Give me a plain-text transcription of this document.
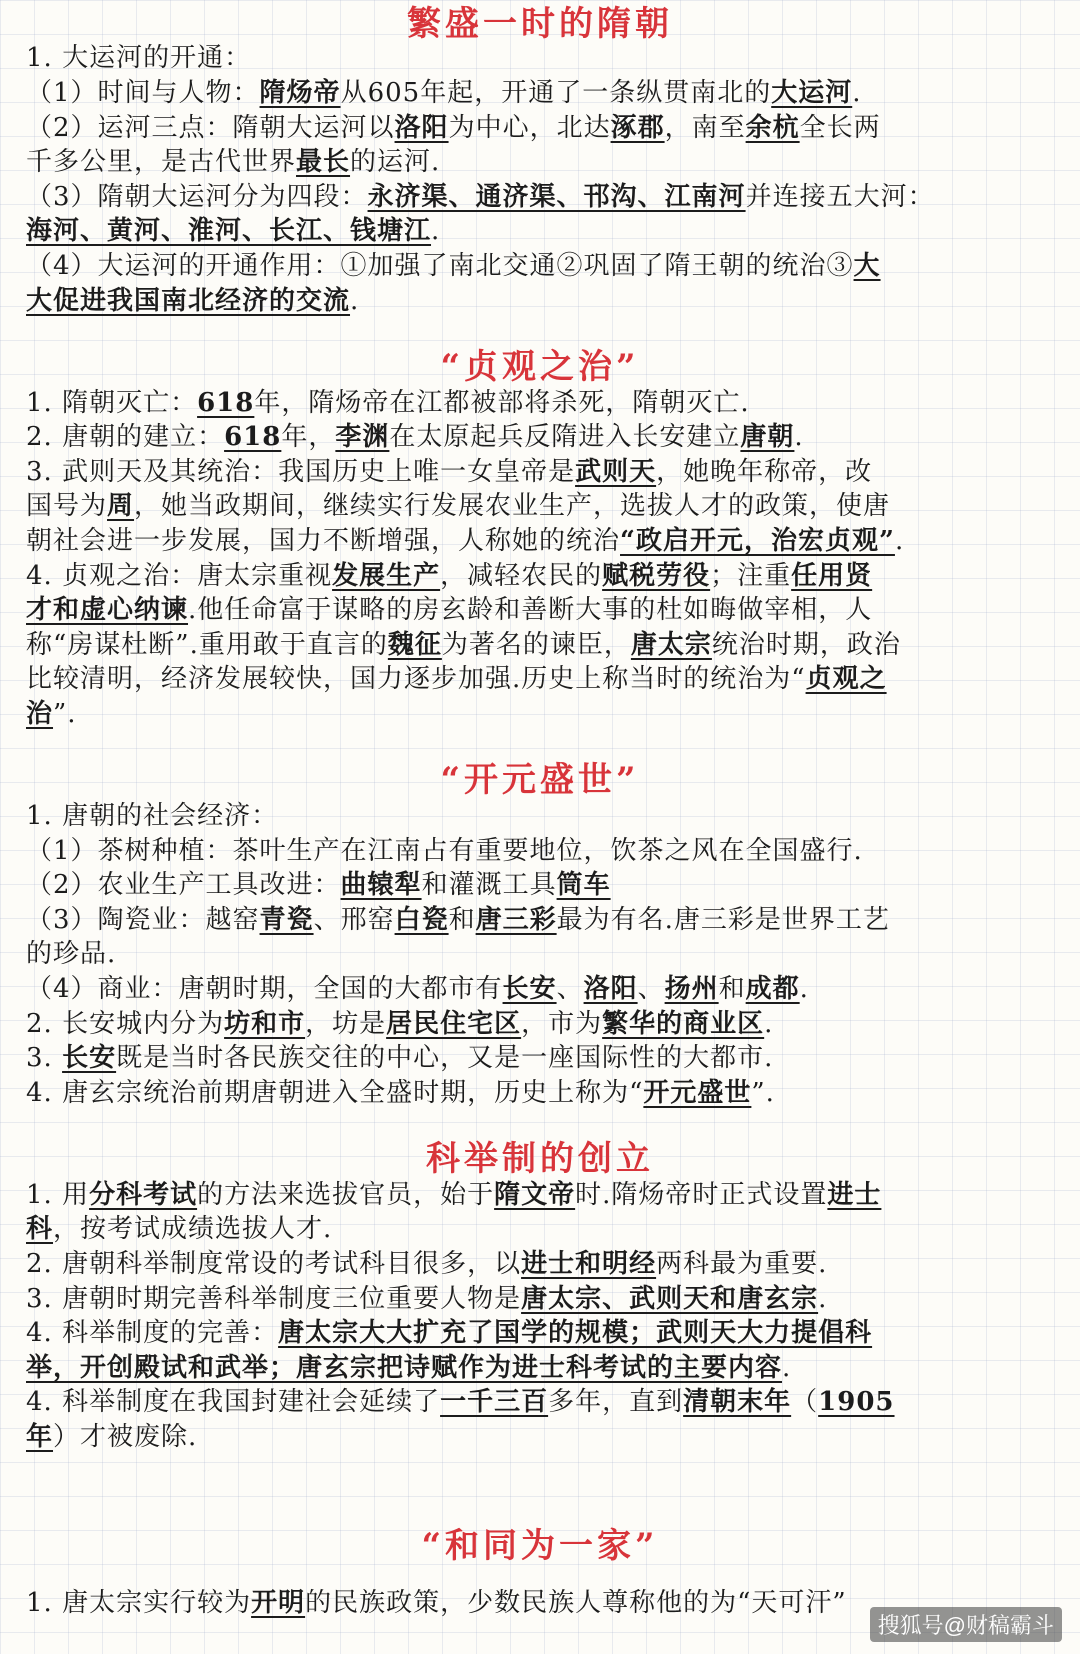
繁盛一时的隋朝
1. 大运河的开通：
（1）时间与人物：隋炀帝从605年起，开通了一条纵贯南北的大运河.
（2）运河三点：隋朝大运河以洛阳为中心，北达涿郡，南至余杭全长两
千多公里，是古代世界最长的运河.
（3）隋朝大运河分为四段：永济渠、通济渠、邗沟、江南河并连接五大河：
海河、黄河、淮河、长江、钱塘江.
（4）大运河的开通作用：①加强了南北交通②巩固了隋王朝的统治③大
大促进我国南北经济的交流.
“贞观之治”
1. 隋朝灭亡：618年，隋炀帝在江都被部将杀死，隋朝灭亡.
2. 唐朝的建立：618年，李渊在太原起兵反隋进入长安建立唐朝.
3. 武则天及其统治：我国历史上唯一女皇帝是武则天，她晚年称帝，改
国号为周，她当政期间，继续实行发展农业生产，选拔人才的政策，使唐
朝社会进一步发展，国力不断增强，人称她的统治“政启开元，治宏贞观”.
4. 贞观之治：唐太宗重视发展生产，减轻农民的赋税劳役；注重任用贤
才和虚心纳谏.他任命富于谋略的房玄龄和善断大事的杜如晦做宰相，人
称“房谋杜断”.重用敢于直言的魏征为著名的谏臣，唐太宗统治时期，政治
比较清明，经济发展较快，国力逐步加强.历史上称当时的统治为“贞观之
治”.
“开元盛世”
1. 唐朝的社会经济：
（1）茶树种植：茶叶生产在江南占有重要地位，饮茶之风在全国盛行.
（2）农业生产工具改进：曲辕犁和灌溉工具筒车
（3）陶瓷业：越窑青瓷、邢窑白瓷和唐三彩最为有名.唐三彩是世界工艺
的珍品.
（4）商业：唐朝时期，全国的大都市有长安、洛阳、扬州和成都.
2. 长安城内分为坊和市，坊是居民住宅区，市为繁华的商业区.
3. 长安既是当时各民族交往的中心，又是一座国际性的大都市.
4. 唐玄宗统治前期唐朝进入全盛时期，历史上称为“开元盛世”.
科举制的创立
1. 用分科考试的方法来选拔官员，始于隋文帝时.隋炀帝时正式设置进士
科，按考试成绩选拔人才.
2. 唐朝科举制度常设的考试科目很多，以进士和明经两科最为重要.
3. 唐朝时期完善科举制度三位重要人物是唐太宗、武则天和唐玄宗.
4. 科举制度的完善：唐太宗大大扩充了国学的规模；武则天大力提倡科
举，开创殿试和武举；唐玄宗把诗赋作为进士科考试的主要内容.
4. 科举制度在我国封建社会延续了一千三百多年，直到清朝末年（1905
年）才被废除.
“和同为一家”
1. 唐太宗实行较为开明的民族政策，少数民族人尊称他的为“天可汗”
搜狐号@财稿霸斗
